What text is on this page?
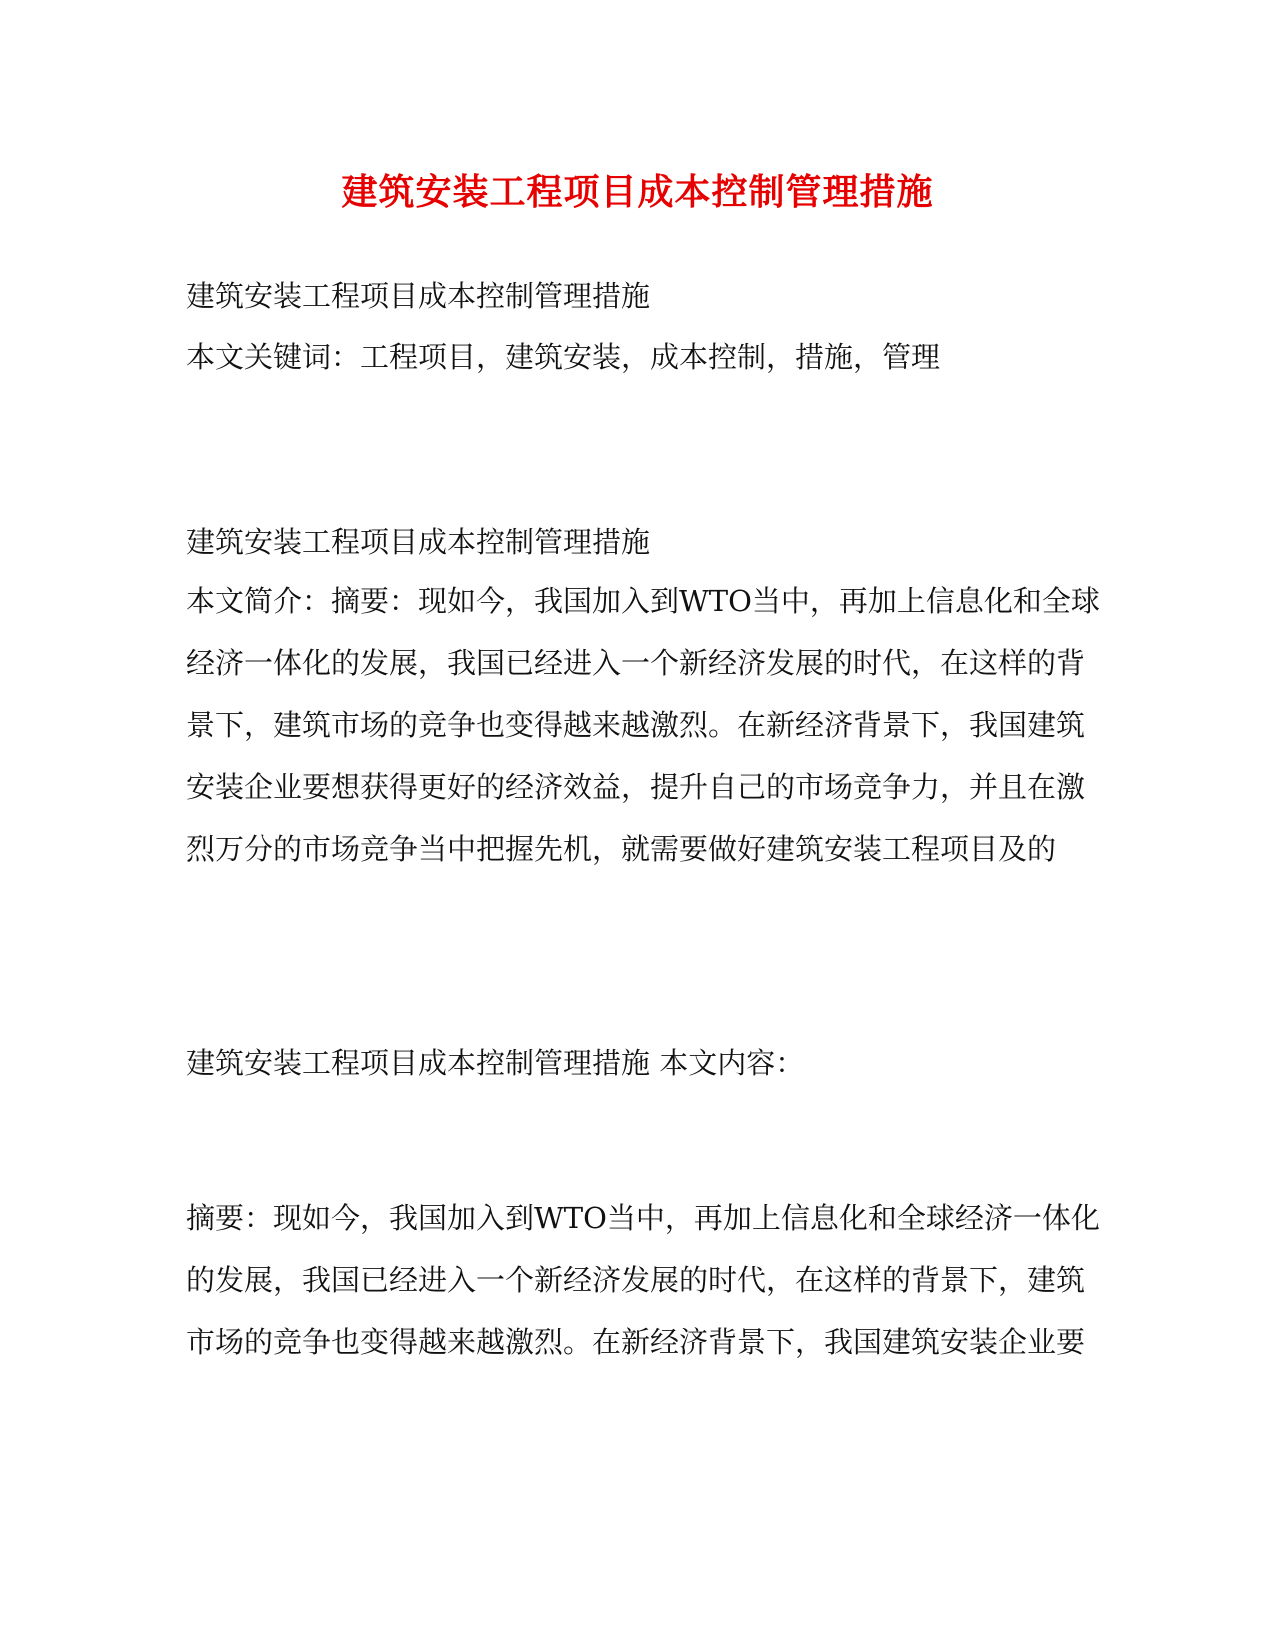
建筑安装工程项目成本控制管理措施
建筑安装工程项目成本控制管理措施
本文关键词：工程项目，建筑安装，成本控制，措施，管理
建筑安装工程项目成本控制管理措施
本文简介：摘要：现如今，我国加入到WTO当中，再加上信息化和全球
经济一体化的发展，我国已经进入一个新经济发展的时代，在这样的背
景下，建筑市场的竞争也变得越来越激烈。在新经济背景下，我国建筑
安装企业要想获得更好的经济效益，提升自己的市场竞争力，并且在激
烈万分的市场竞争当中把握先机，就需要做好建筑安装工程项目及的
建筑安装工程项目成本控制管理措施 本文内容：
摘要：现如今，我国加入到WTO当中，再加上信息化和全球经济一体化
的发展，我国已经进入一个新经济发展的时代，在这样的背景下，建筑
市场的竞争也变得越来越激烈。在新经济背景下，我国建筑安装企业要
